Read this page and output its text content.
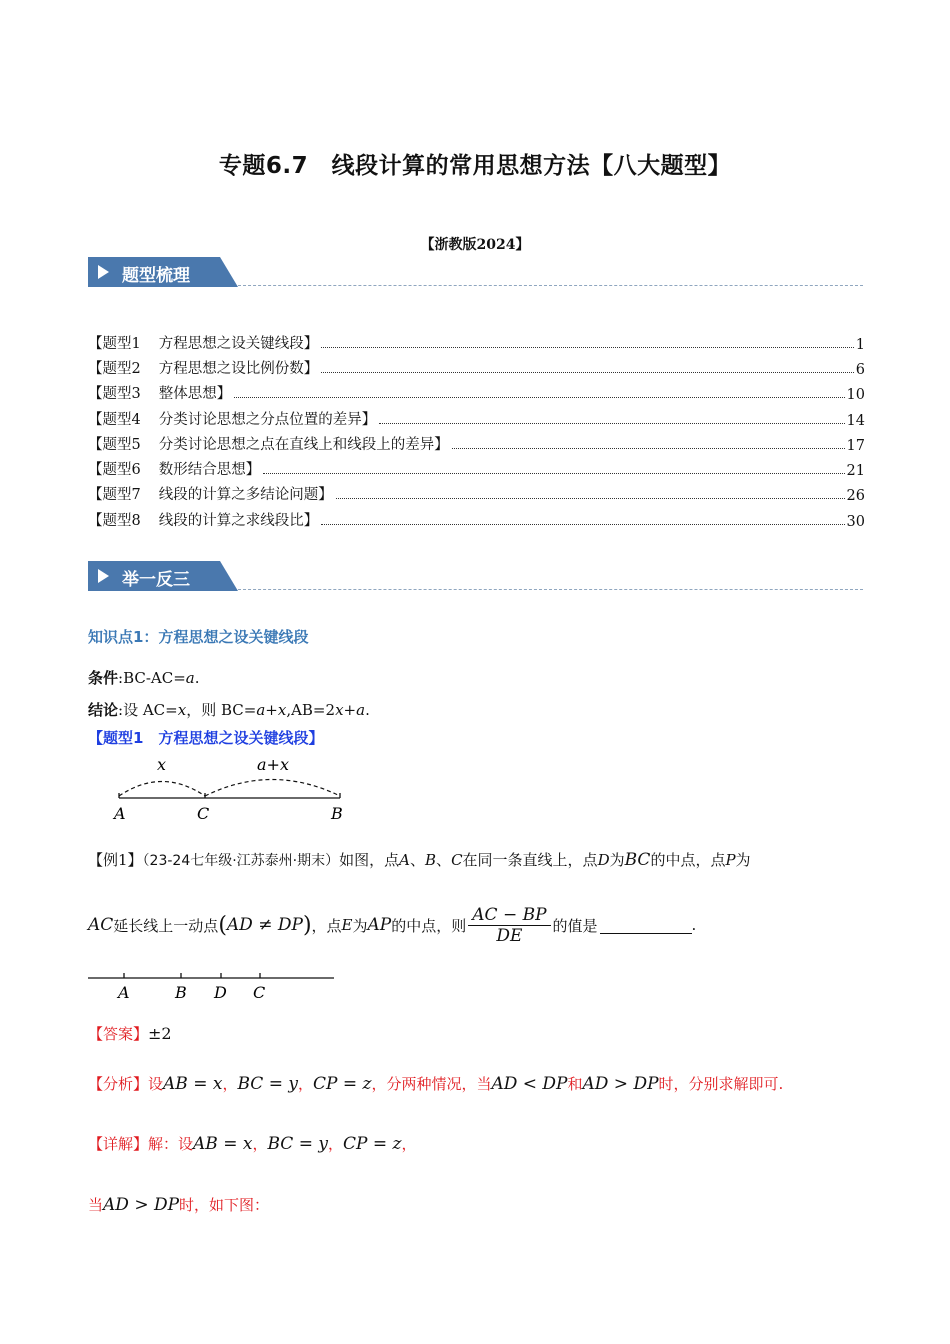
专题6.7　线段计算的常用思想方法【八大题型】
【浙教版2024】
题型梳理
【题型1 方程思想之设关键线段】	1
【题型2 方程思想之设比例份数】	6
【题型3 整体思想】	10
【题型4 分类讨论思想之分点位置的差异】	14
【题型5 分类讨论思想之点在直线上和线段上的差异】	17
【题型6 数形结合思想】	21
【题型7 线段的计算之多结论问题】	26
【题型8 线段的计算之求线段比】	30
举一反三
知识点1：方程思想之设关键线段
条件:BC-AC=a.
结论:设 AC=x，则 BC=a+x,AB=2x+a.
【题型1　方程思想之设关键线段】
x	a+x
A	C	B
【例1】（23-24七年级·江苏泰州·期末）如图，点A、B、C在同一条直线上，点D为BC的中点，点P为
AC 延长线上一动点 ( AD ≠ DP ) ，点 E 为 AP 的中点，则 $\frac{AC - BP}{DE}$ 的值是	.
A	B D C
【答案】±2
【分析】设AB = x，BC = y，CP = z，分两种情况，当AD < DP和AD > DP时，分别求解即可.
【详解】解：设AB = x，BC = y，CP = z，
当AD > DP时，如下图：
